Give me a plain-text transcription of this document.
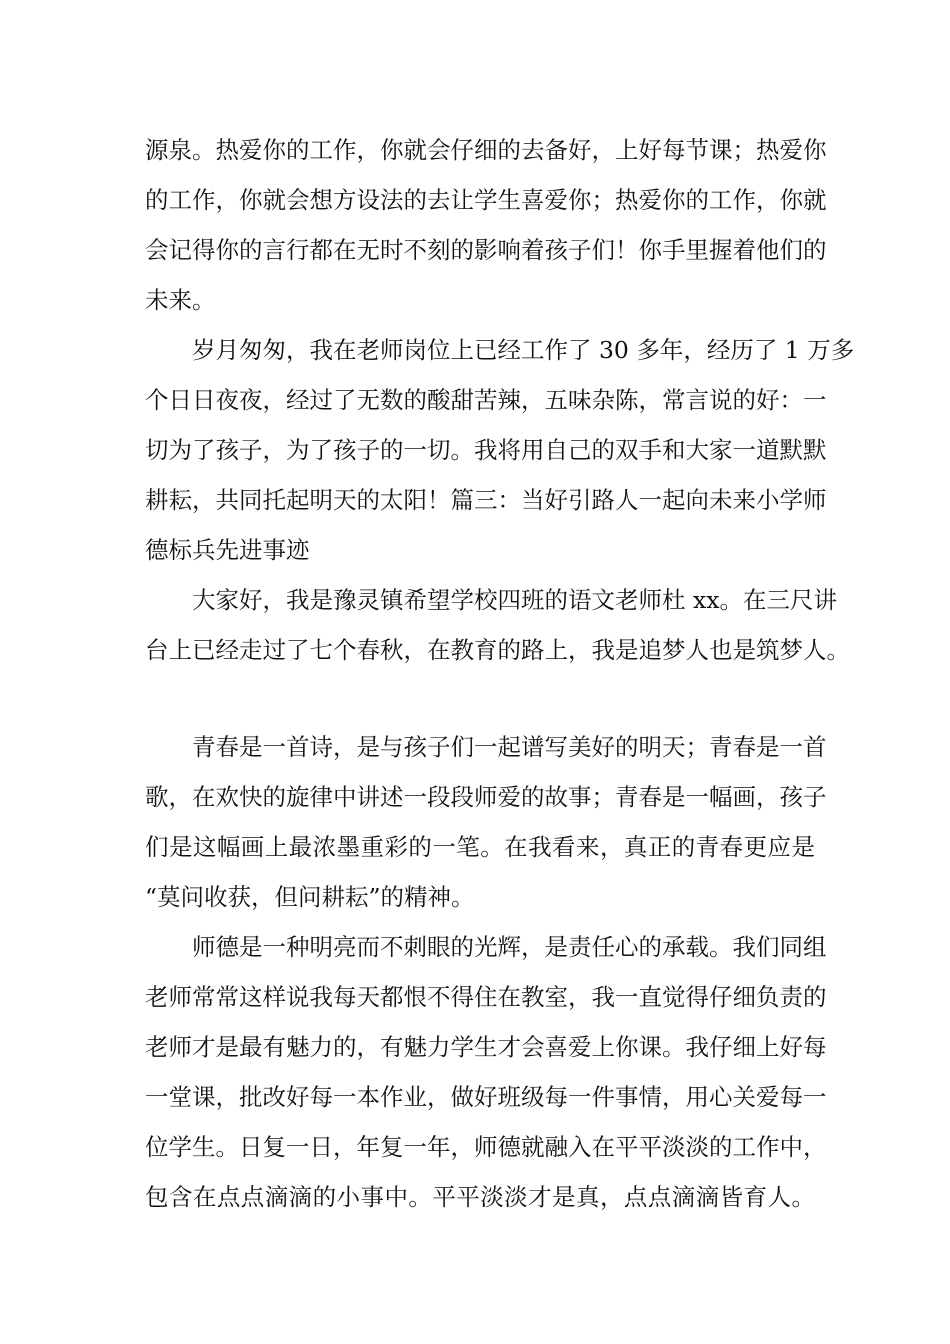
源泉。热爱你的工作，你就会仔细的去备好，上好每节课；热爱你
的工作，你就会想方设法的去让学生喜爱你；热爱你的工作，你就
会记得你的言行都在无时不刻的影响着孩子们！你手里握着他们的
未来。
岁月匆匆，我在老师岗位上已经工作了 30 多年，经历了 1 万多
个日日夜夜，经过了无数的酸甜苦辣，五味杂陈，常言说的好：一
切为了孩子，为了孩子的一切。我将用自己的双手和大家一道默默
耕耘，共同托起明天的太阳！篇三：当好引路人一起向未来小学师
德标兵先进事迹
大家好，我是豫灵镇希望学校四班的语文老师杜 xx。在三尺讲
台上已经走过了七个春秋，在教育的路上，我是追梦人也是筑梦人。
青春是一首诗，是与孩子们一起谱写美好的明天；青春是一首
歌，在欢快的旋律中讲述一段段师爱的故事；青春是一幅画，孩子
们是这幅画上最浓墨重彩的一笔。在我看来，真正的青春更应是
“莫问收获，但问耕耘”的精神。
师德是一种明亮而不刺眼的光辉，是责任心的承载。我们同组
老师常常这样说我每天都恨不得住在教室，我一直觉得仔细负责的
老师才是最有魅力的，有魅力学生才会喜爱上你课。我仔细上好每
一堂课，批改好每一本作业，做好班级每一件事情，用心关爱每一
位学生。日复一日，年复一年，师德就融入在平平淡淡的工作中，
包含在点点滴滴的小事中。平平淡淡才是真，点点滴滴皆育人。
